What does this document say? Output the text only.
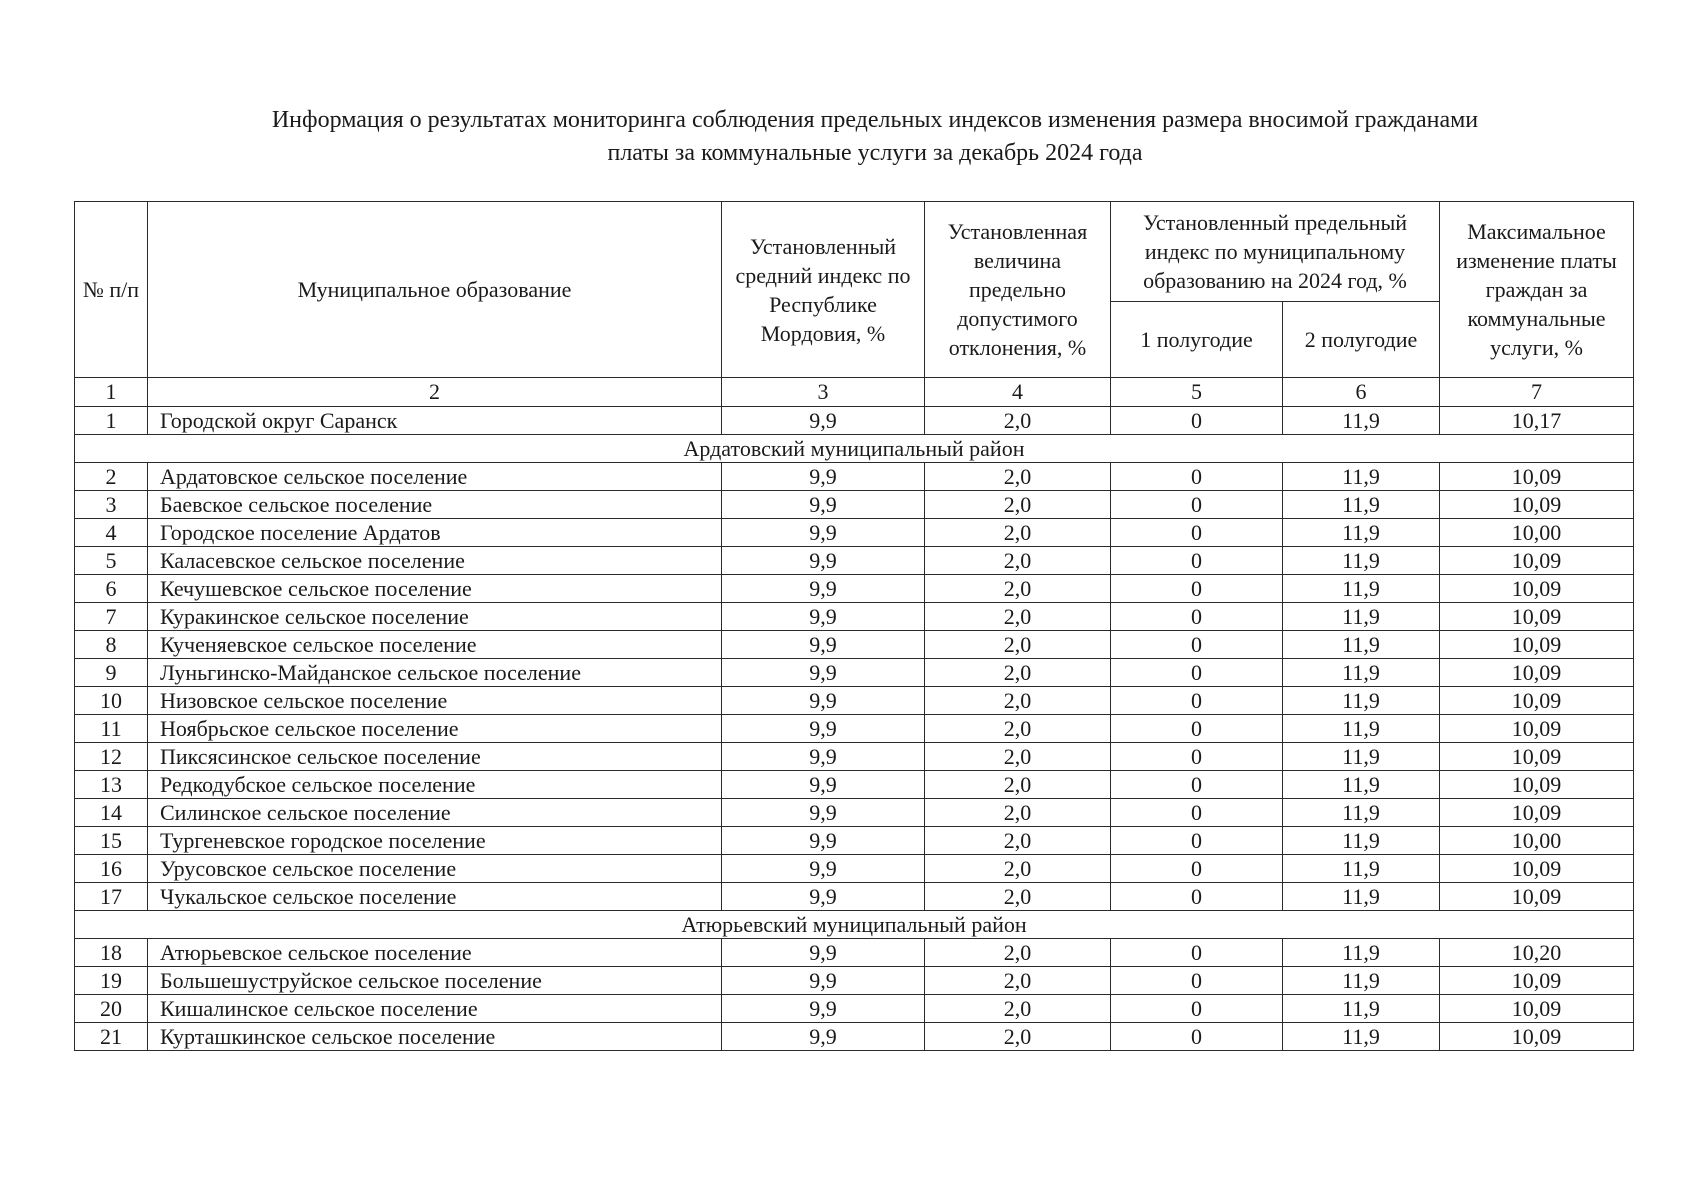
Информация о результатах мониторинга соблюдения предельных индексов изменения размера вносимой гражданами
платы за коммунальные услуги за декабрь 2024 года
№ п/п	Муниципальное образование	Установленный средний индекс по Республике Мордовия, %	Установленная величина предельно допустимого отклонения, %	Установленный предельный индекс по муниципальному образованию на 2024 год, %		Максимальное изменение платы граждан за коммунальные услуги, %
				1 полугодие	2 полугодие	
1	2	3	4	5	6	7
1	Городской округ Саранск	9,9	2,0	0	11,9	10,17
Ардатовский муниципальный район						
2	Ардатовское сельское поселение	9,9	2,0	0	11,9	10,09
3	Баевское сельское поселение	9,9	2,0	0	11,9	10,09
4	Городское поселение Ардатов	9,9	2,0	0	11,9	10,00
5	Каласевское сельское поселение	9,9	2,0	0	11,9	10,09
6	Кечушевское сельское поселение	9,9	2,0	0	11,9	10,09
7	Куракинское сельское поселение	9,9	2,0	0	11,9	10,09
8	Кученяевское сельское поселение	9,9	2,0	0	11,9	10,09
9	Луньгинско-Майданское сельское поселение	9,9	2,0	0	11,9	10,09
10	Низовское сельское поселение	9,9	2,0	0	11,9	10,09
11	Ноябрьское сельское поселение	9,9	2,0	0	11,9	10,09
12	Пиксясинское сельское поселение	9,9	2,0	0	11,9	10,09
13	Редкодубское сельское поселение	9,9	2,0	0	11,9	10,09
14	Силинское сельское поселение	9,9	2,0	0	11,9	10,09
15	Тургеневское городское поселение	9,9	2,0	0	11,9	10,00
16	Урусовское сельское поселение	9,9	2,0	0	11,9	10,09
17	Чукальское сельское поселение	9,9	2,0	0	11,9	10,09
Атюрьевский муниципальный район						
18	Атюрьевское сельское поселение	9,9	2,0	0	11,9	10,20
19	Большешуструйское сельское поселение	9,9	2,0	0	11,9	10,09
20	Кишалинское сельское поселение	9,9	2,0	0	11,9	10,09
21	Курташкинское сельское поселение	9,9	2,0	0	11,9	10,09
